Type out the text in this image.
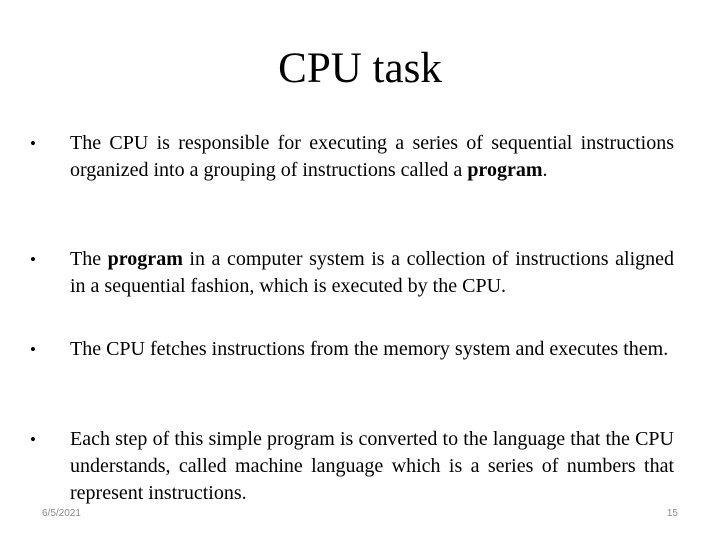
CPU task
• The CPU is responsible for executing a series of sequential instructions organized into a grouping of instructions called a program.
• The program in a computer system is a collection of instructions aligned in a sequential fashion, which is executed by the CPU.
• The CPU fetches instructions from the memory system and executes them.
• Each step of this simple program is converted to the language that the CPU understands, called machine language which is a series of numbers that represent instructions.
6/5/2021	15
